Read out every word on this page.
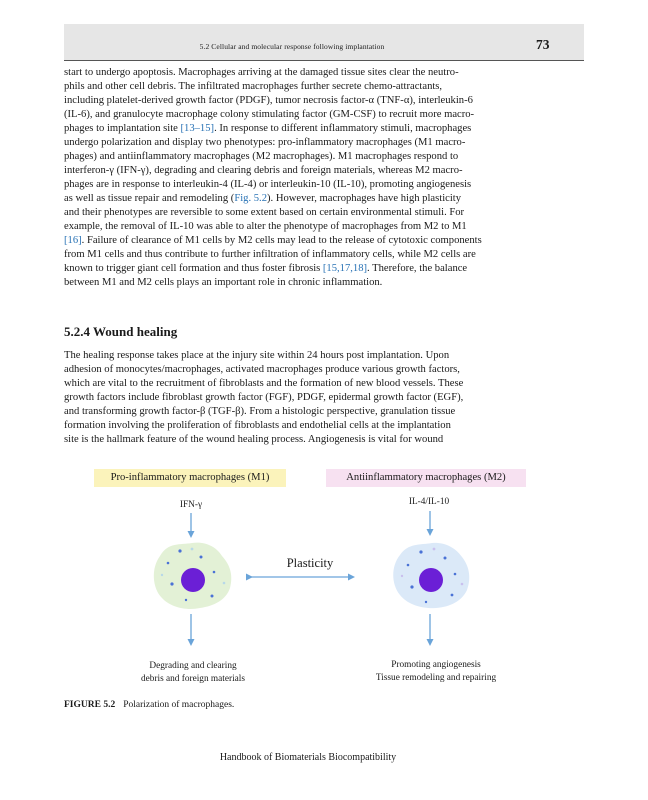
5.2 Cellular and molecular response following implantation	73

start to undergo apoptosis. Macrophages arriving at the damaged tissue sites clear the neutro-
phils and other cell debris. The infiltrated macrophages further secrete chemo-attractants,
including platelet-derived growth factor (PDGF), tumor necrosis factor-α (TNF-α), interleukin-6
(IL-6), and granulocyte macrophage colony stimulating factor (GM-CSF) to recruit more macro-
phages to implantation site [13–15]. In response to different inflammatory stimuli, macrophages
undergo polarization and display two phenotypes: pro-inflammatory macrophages (M1 macro-
phages) and antiinflammatory macrophages (M2 macrophages). M1 macrophages respond to
interferon-γ (IFN-γ), degrading and clearing debris and foreign materials, whereas M2 macro-
phages are in response to interleukin-4 (IL-4) or interleukin-10 (IL-10), promoting angiogenesis
as well as tissue repair and remodeling (Fig. 5.2). However, macrophages have high plasticity
and their phenotypes are reversible to some extent based on certain environmental stimuli. For
example, the removal of IL-10 was able to alter the phenotype of macrophages from M2 to M1
[16]. Failure of clearance of M1 cells by M2 cells may lead to the release of cytotoxic components
from M1 cells and thus contribute to further infiltration of inflammatory cells, while M2 cells are
known to trigger giant cell formation and thus foster fibrosis [15,17,18]. Therefore, the balance
between M1 and M2 cells plays an important role in chronic inflammation.

5.2.4 Wound healing

The healing response takes place at the injury site within 24 hours post implantation. Upon
adhesion of monocytes/macrophages, activated macrophages produce various growth factors,
which are vital to the recruitment of fibroblasts and the formation of new blood vessels. These
growth factors include fibroblast growth factor (FGF), PDGF, epidermal growth factor (EGF),
and transforming growth factor-β (TGF-β). From a histologic perspective, granulation tissue
formation involving the proliferation of fibroblasts and endothelial cells at the implantation
site is the hallmark feature of the wound healing process. Angiogenesis is vital for wound

Pro-inflammatory macrophages (M1)	Antiinflammatory macrophages (M2)
IFN-γ	IL-4/IL-10
Plasticity
Degrading and clearing
debris and foreign materials
Promoting angiogenesis
Tissue remodeling and repairing

FIGURE 5.2 Polarization of macrophages.

Handbook of Biomaterials Biocompatibility
